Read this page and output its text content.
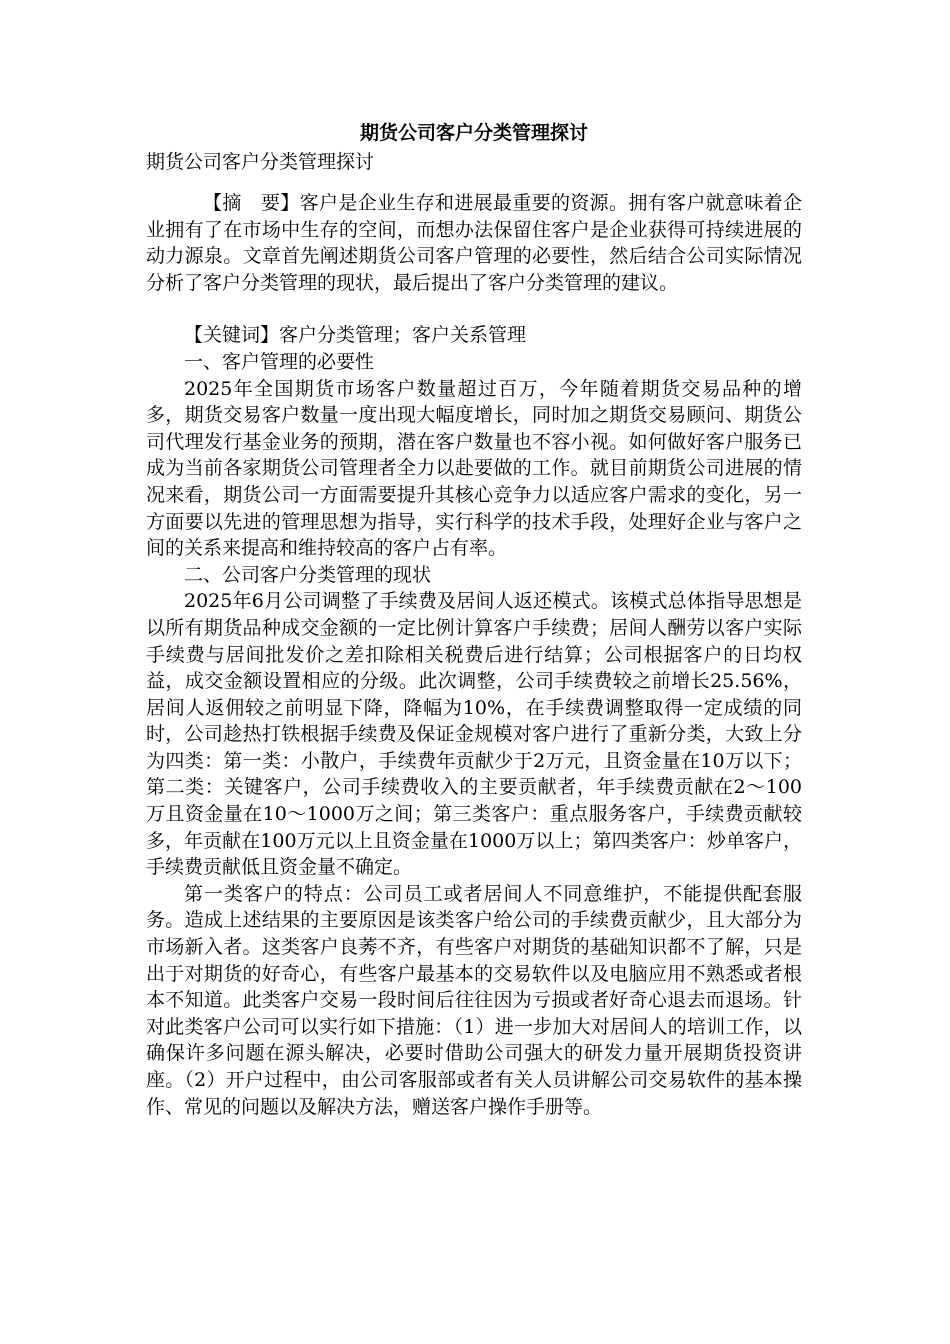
期货公司客户分类管理探讨
期货公司客户分类管理探讨

【摘　要】客户是企业生存和进展最重要的资源。拥有客户就意味着企业拥有了在市场中生存的空间，而想办法保留住客户是企业获得可持续进展的动力源泉。文章首先阐述期货公司客户管理的必要性，然后结合公司实际情况分析了客户分类管理的现状，最后提出了客户分类管理的建议。

【关键词】客户分类管理；客户关系管理

一、客户管理的必要性

2025年全国期货市场客户数量超过百万，今年随着期货交易品种的增多，期货交易客户数量一度出现大幅度增长，同时加之期货交易顾问、期货公司代理发行基金业务的预期，潜在客户数量也不容小视。如何做好客户服务已成为当前各家期货公司管理者全力以赴要做的工作。就目前期货公司进展的情况来看，期货公司一方面需要提升其核心竞争力以适应客户需求的变化，另一方面要以先进的管理思想为指导，实行科学的技术手段，处理好企业与客户之间的关系来提高和维持较高的客户占有率。

二、公司客户分类管理的现状

2025年6月公司调整了手续费及居间人返还模式。该模式总体指导思想是以所有期货品种成交金额的一定比例计算客户手续费；居间人酬劳以客户实际手续费与居间批发价之差扣除相关税费后进行结算；公司根据客户的日均权益，成交金额设置相应的分级。此次调整，公司手续费较之前增长25.56%，居间人返佣较之前明显下降，降幅为10%，在手续费调整取得一定成绩的同时，公司趁热打铁根据手续费及保证金规模对客户进行了重新分类，大致上分为四类：第一类：小散户，手续费年贡献少于2万元，且资金量在10万以下；第二类：关键客户，公司手续费收入的主要贡献者，年手续费贡献在2～100万且资金量在10～1000万之间；第三类客户：重点服务客户，手续费贡献较多，年贡献在100万元以上且资金量在1000万以上；第四类客户：炒单客户，手续费贡献低且资金量不确定。

第一类客户的特点：公司员工或者居间人不同意维护，不能提供配套服务。造成上述结果的主要原因是该类客户给公司的手续费贡献少，且大部分为市场新入者。这类客户良莠不齐，有些客户对期货的基础知识都不了解，只是出于对期货的好奇心，有些客户最基本的交易软件以及电脑应用不熟悉或者根本不知道。此类客户交易一段时间后往往因为亏损或者好奇心退去而退场。针对此类客户公司可以实行如下措施：（1）进一步加大对居间人的培训工作，以确保许多问题在源头解决，必要时借助公司强大的研发力量开展期货投资讲座。（2）开户过程中，由公司客服部或者有关人员讲解公司交易软件的基本操作、常见的问题以及解决方法，赠送客户操作手册等。
